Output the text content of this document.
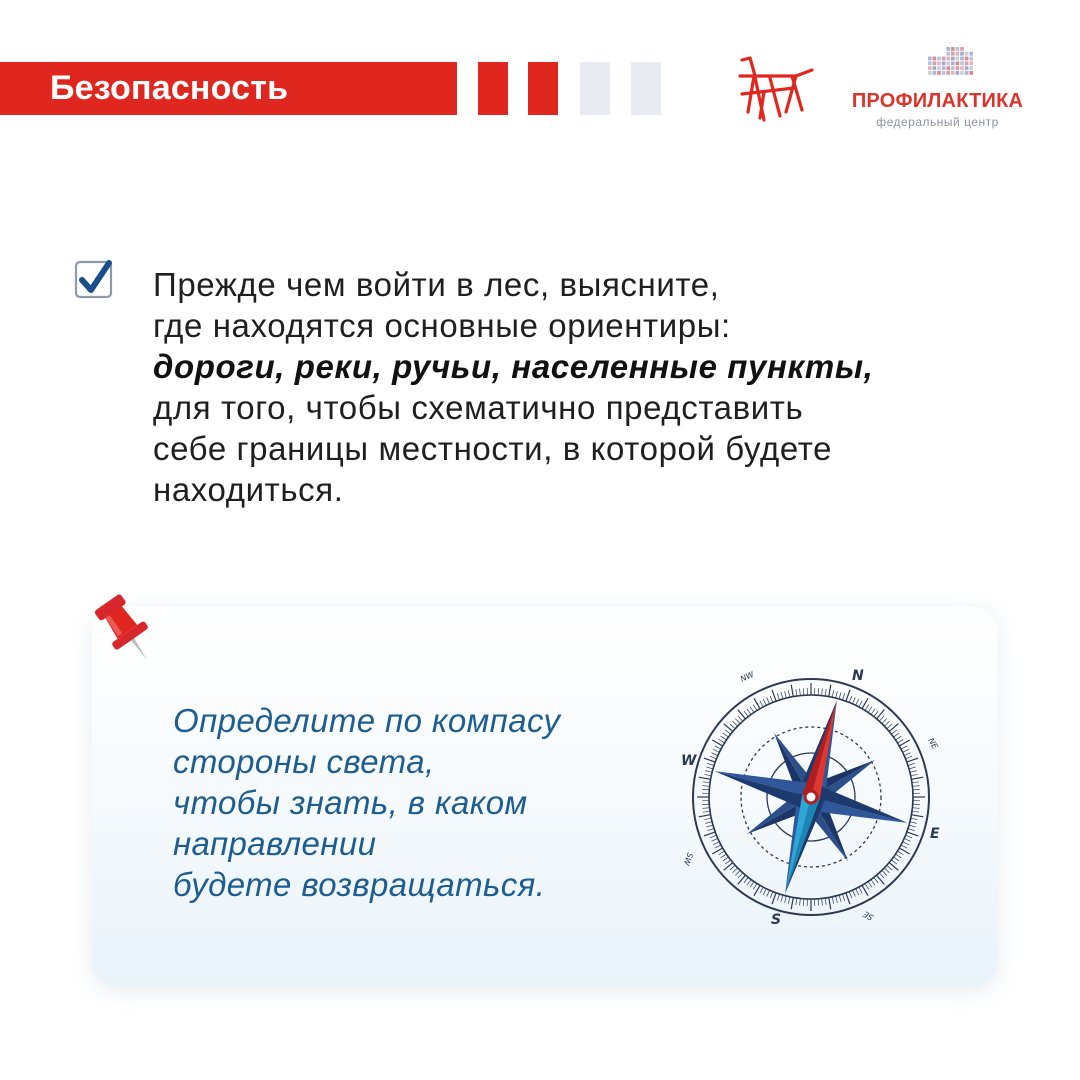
Безопасность	ПРОФИЛАКТИКА
федеральный центр
Прежде чем войти в лес, выясните,
где находятся основные ориентиры:
дороги, реки, ручьи, населенные пункты,
для того, чтобы схематично представить
себе границы местности, в которой будете
находиться.
Определите по компасу
стороны света,
чтобы знать, в каком
направлении
будете возвращаться.
N
S
E
W
NE
NW
SW
SE
